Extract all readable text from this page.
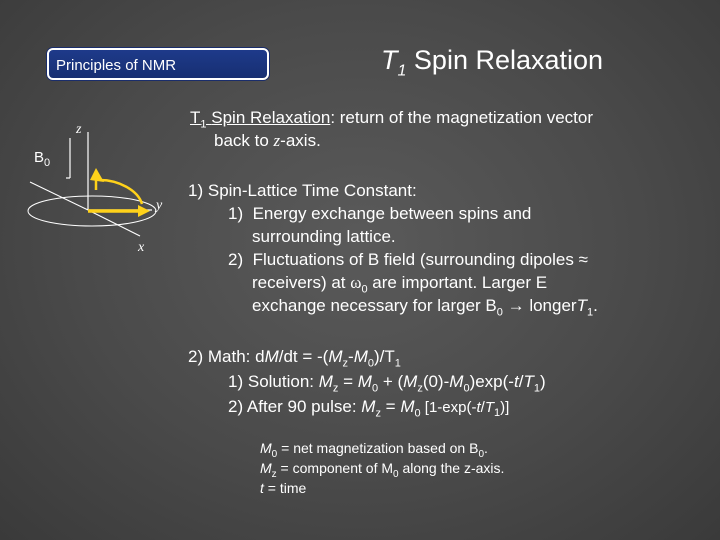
Principles of NMR	$T_1$ Spin Relaxation
$B_0$
z
y
x
$T_1$ Spin Relaxation: return of the magnetization vector
back to z-axis.
1) Spin-Lattice Time Constant:
1) Energy exchange between spins and
surrounding lattice.
2) Fluctuations of B field (surrounding dipoles ≈
receivers) at $\omega_0$ are important. Larger E
exchange necessary for larger $B_0$ → longerT$_1$.
2) Math: $dM/dt = -(M_z-M_0)/T_1$
1) Solution: $M_z = M_0 + (M_z(0)-M_0)\exp(-t/T_1)$
2) After 90 pulse: $M_z = M_0$ $[1-\exp(-t/T_1)]$
$M_0$ = net magnetization based on $B_0$.
$M_z$ = component of $M_0$ along the z-axis.
t = time
